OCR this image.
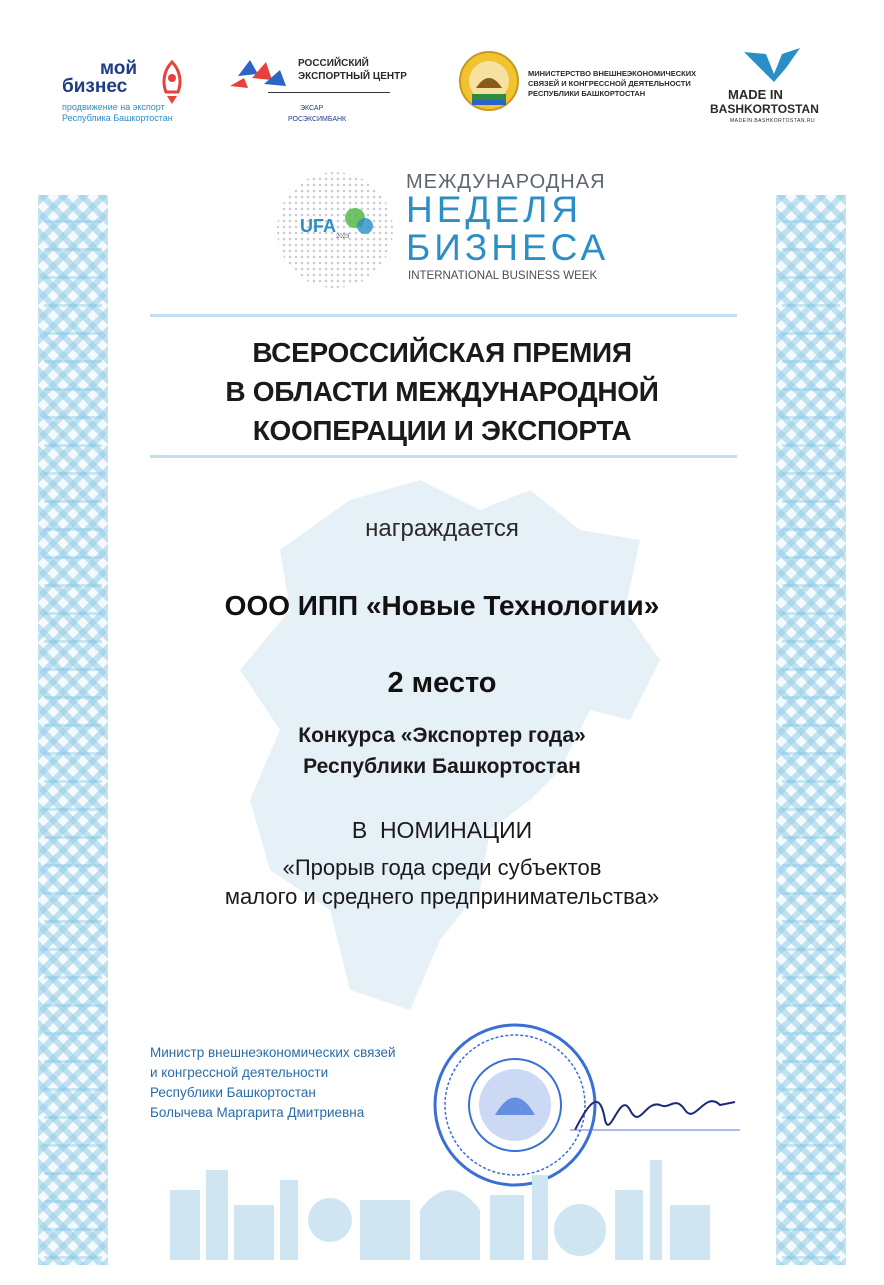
мой
бизнес
продвижение на экспорт
Республика Башкортостан
РОССИЙСКИЙ
ЭКСПОРТНЫЙ ЦЕНТР
ЭКСАР
РОСЭКСИМБАНК
МИНИСТЕРСТВО ВНЕШНЕЭКОНОМИЧЕСКИХ
СВЯЗЕЙ И КОНГРЕССНОЙ ДЕЯТЕЛЬНОСТИ
РЕСПУБЛИКИ БАШКОРТОСТАН	MADE IN
BASHKORTOSTAN
MADEIN.BASHKORTOSTAN.RU
UFA
2023
МЕЖДУНАРОДНАЯ
НЕДЕЛЯ
БИЗНЕСА
INTERNATIONAL BUSINESS WEEK
ВСЕРОССИЙСКАЯ ПРЕМИЯ
В ОБЛАСТИ МЕЖДУНАРОДНОЙ
КООПЕРАЦИИ И ЭКСПОРТА
награждается
ООО ИПП «Новые Технологии»
2 место
Конкурса «Экспортер года»
Республики Башкортостан
В  НОМИНАЦИИ
«Прорыв года среди субъектов
малого и среднего предпринимательства»
Министр внешнеэкономических связей
и конгрессной деятельности
Республики Башкортостан
Болычева Маргарита Дмитриевна
